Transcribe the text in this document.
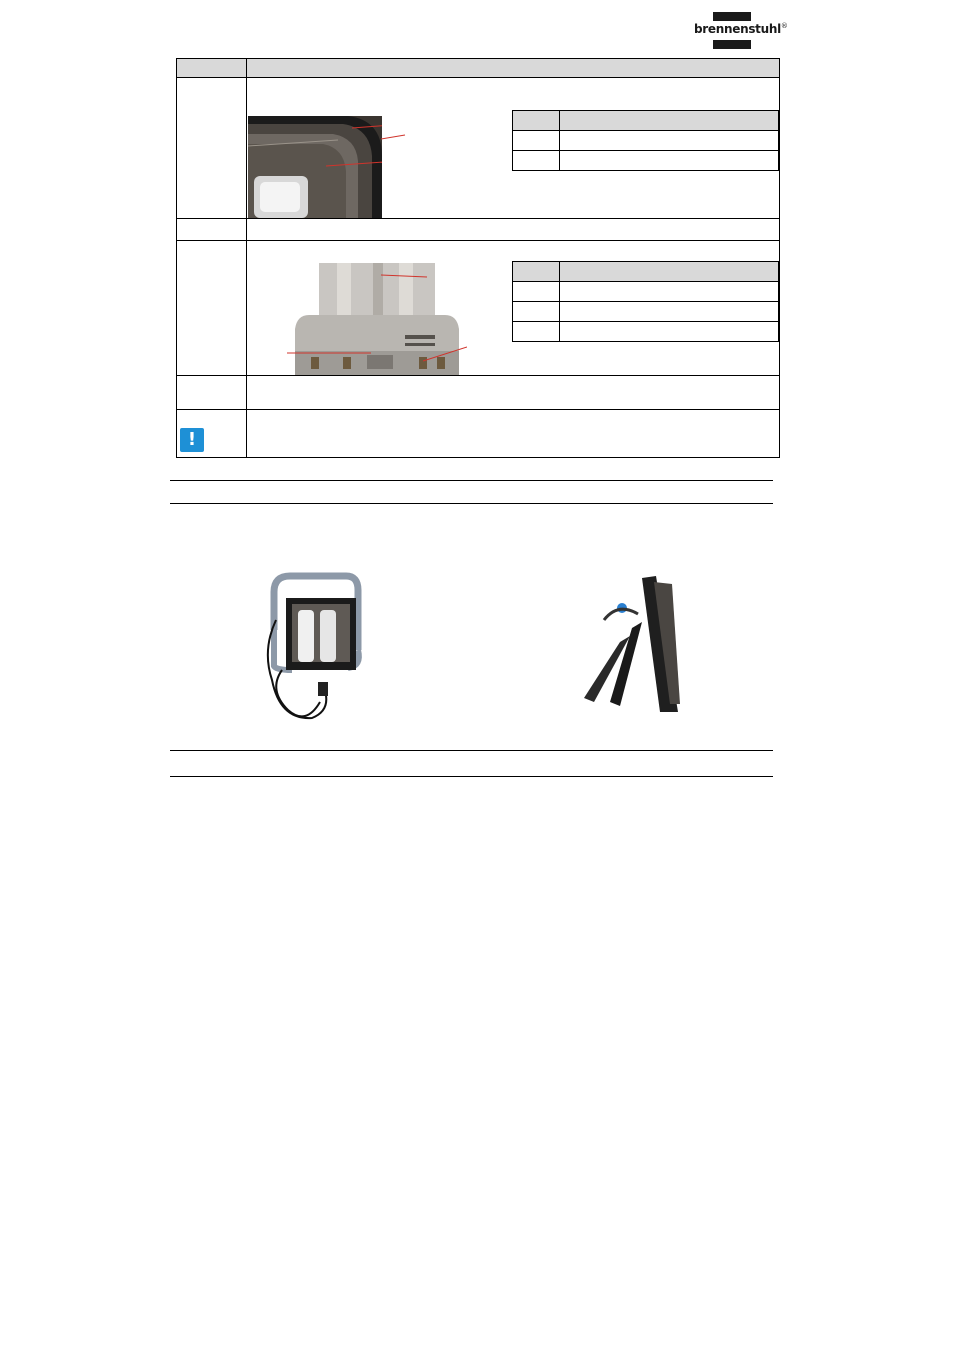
brennenstuhl®

!
